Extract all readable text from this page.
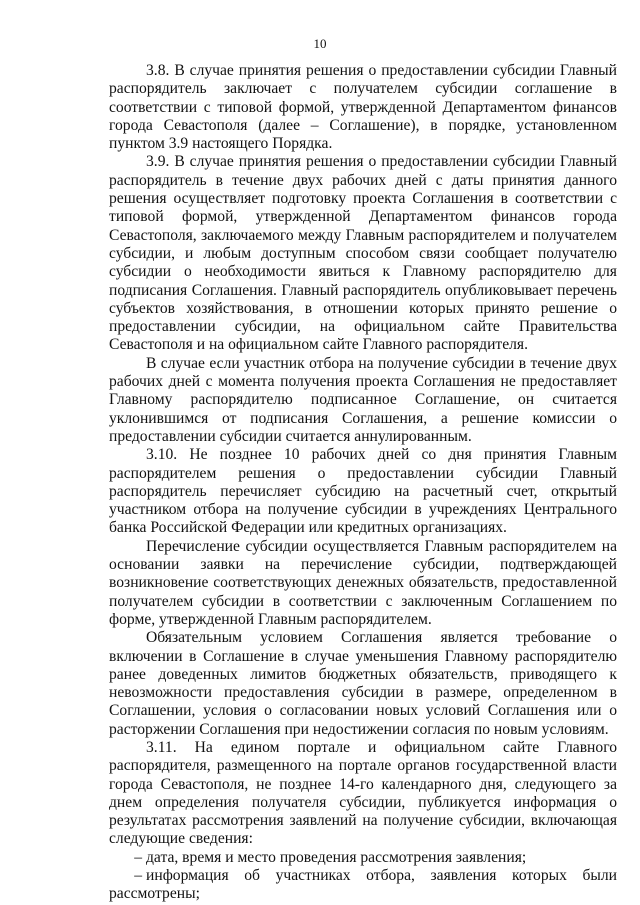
10

3.8. В случае принятия решения о предоставлении субсидии Главный распорядитель заключает с получателем субсидии соглашение в соответствии с типовой формой, утвержденной Департаментом финансов города Севастополя (далее – Соглашение), в порядке, установленном пунктом 3.9 настоящего Порядка.

3.9. В случае принятия решения о предоставлении субсидии Главный распорядитель в течение двух рабочих дней с даты принятия данного решения осуществляет подготовку проекта Соглашения в соответствии с типовой формой, утвержденной Департаментом финансов города Севастополя, заключаемого между Главным распорядителем и получателем субсидии, и любым доступным способом связи сообщает получателю субсидии о необходимости явиться к Главному распорядителю для подписания Соглашения. Главный распорядитель опубликовывает перечень субъектов хозяйствования, в отношении которых принято решение о предоставлении субсидии, на официальном сайте Правительства Севастополя и на официальном сайте Главного распорядителя.

В случае если участник отбора на получение субсидии в течение двух рабочих дней с момента получения проекта Соглашения не предоставляет Главному распорядителю подписанное Соглашение, он считается уклонившимся от подписания Соглашения, а решение комиссии о предоставлении субсидии считается аннулированным.

3.10. Не позднее 10 рабочих дней со дня принятия Главным распорядителем решения о предоставлении субсидии Главный распорядитель перечисляет субсидию на расчетный счет, открытый участником отбора на получение субсидии в учреждениях Центрального банка Российской Федерации или кредитных организациях.

Перечисление субсидии осуществляется Главным распорядителем на основании заявки на перечисление субсидии, подтверждающей возникновение соответствующих денежных обязательств, предоставленной получателем субсидии в соответствии с заключенным Соглашением по форме, утвержденной Главным распорядителем.

Обязательным условием Соглашения является требование о включении в Соглашение в случае уменьшения Главному распорядителю ранее доведенных лимитов бюджетных обязательств, приводящего к невозможности предоставления субсидии в размере, определенном в Соглашении, условия о согласовании новых условий Соглашения или о расторжении Соглашения при недостижении согласия по новым условиям.

3.11. На едином портале и официальном сайте Главного распорядителя, размещенного на портале органов государственной власти города Севастополя, не позднее 14-го календарного дня, следующего за днем определения получателя субсидии, публикуется информация о результатах рассмотрения заявлений на получение субсидии, включающая следующие сведения:

– дата, время и место проведения рассмотрения заявления;

– информация об участниках отбора, заявления которых были рассмотрены;
